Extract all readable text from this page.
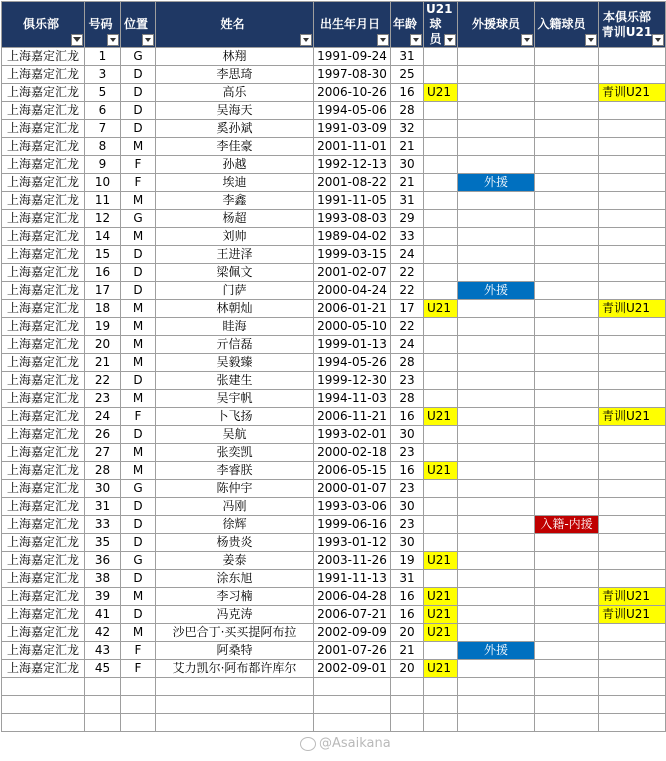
俱乐部	号码	位置	姓名	出生年月日	年龄	U21球员	外援球员	入籍球员	本俱乐部青训U21

上海嘉定汇龙	1	G	林翔	1991-09-24	31				
上海嘉定汇龙	3	D	李思琦	1997-08-30	25				
上海嘉定汇龙	5	D	高乐	2006-10-26	16	U21			青训U21
上海嘉定汇龙	6	D	吴海天	1994-05-06	28				
上海嘉定汇龙	7	D	奚孙斌	1991-03-09	32				
上海嘉定汇龙	8	M	李佳豪	2001-11-01	21				
上海嘉定汇龙	9	F	孙越	1992-12-13	30				
上海嘉定汇龙	10	F	埃迪	2001-08-22	21		外援		
上海嘉定汇龙	11	M	李鑫	1991-11-05	31				
上海嘉定汇龙	12	G	杨超	1993-08-03	29				
上海嘉定汇龙	14	M	刘帅	1989-04-02	33				
上海嘉定汇龙	15	D	王进泽	1999-03-15	24				
上海嘉定汇龙	16	D	梁佩文	2001-02-07	22				
上海嘉定汇龙	17	D	门萨	2000-04-24	22		外援		
上海嘉定汇龙	18	M	林朝灿	2006-01-21	17	U21			青训U21
上海嘉定汇龙	19	M	眭海	2000-05-10	22				
上海嘉定汇龙	20	M	亓信磊	1999-01-13	24				
上海嘉定汇龙	21	M	吴毅臻	1994-05-26	28				
上海嘉定汇龙	22	D	张建生	1999-12-30	23				
上海嘉定汇龙	23	M	吴宇帆	1994-11-03	28				
上海嘉定汇龙	24	F	卜飞扬	2006-11-21	16	U21			青训U21
上海嘉定汇龙	26	D	吴航	1993-02-01	30				
上海嘉定汇龙	27	M	张奕凯	2000-02-18	23				
上海嘉定汇龙	28	M	李睿朕	2006-05-15	16	U21			
上海嘉定汇龙	30	G	陈仲宇	2000-01-07	23				
上海嘉定汇龙	31	D	冯刚	1993-03-06	30				
上海嘉定汇龙	33	D	徐辉	1999-06-16	23			入籍-内援	
上海嘉定汇龙	35	D	杨贵炎	1993-01-12	30				
上海嘉定汇龙	36	G	姜泰	2003-11-26	19	U21			
上海嘉定汇龙	38	D	涂东旭	1991-11-13	31				
上海嘉定汇龙	39	M	李习楠	2006-04-28	16	U21			青训U21
上海嘉定汇龙	41	D	冯克涛	2006-07-21	16	U21			青训U21
上海嘉定汇龙	42	M	沙巴合丁·买买提阿布拉	2002-09-09	20	U21			
上海嘉定汇龙	43	F	阿桑特	2001-07-26	21		外援		
上海嘉定汇龙	45	F	艾力凯尔·阿布都许库尔	2002-09-01	20	U21			

@Asaikana
